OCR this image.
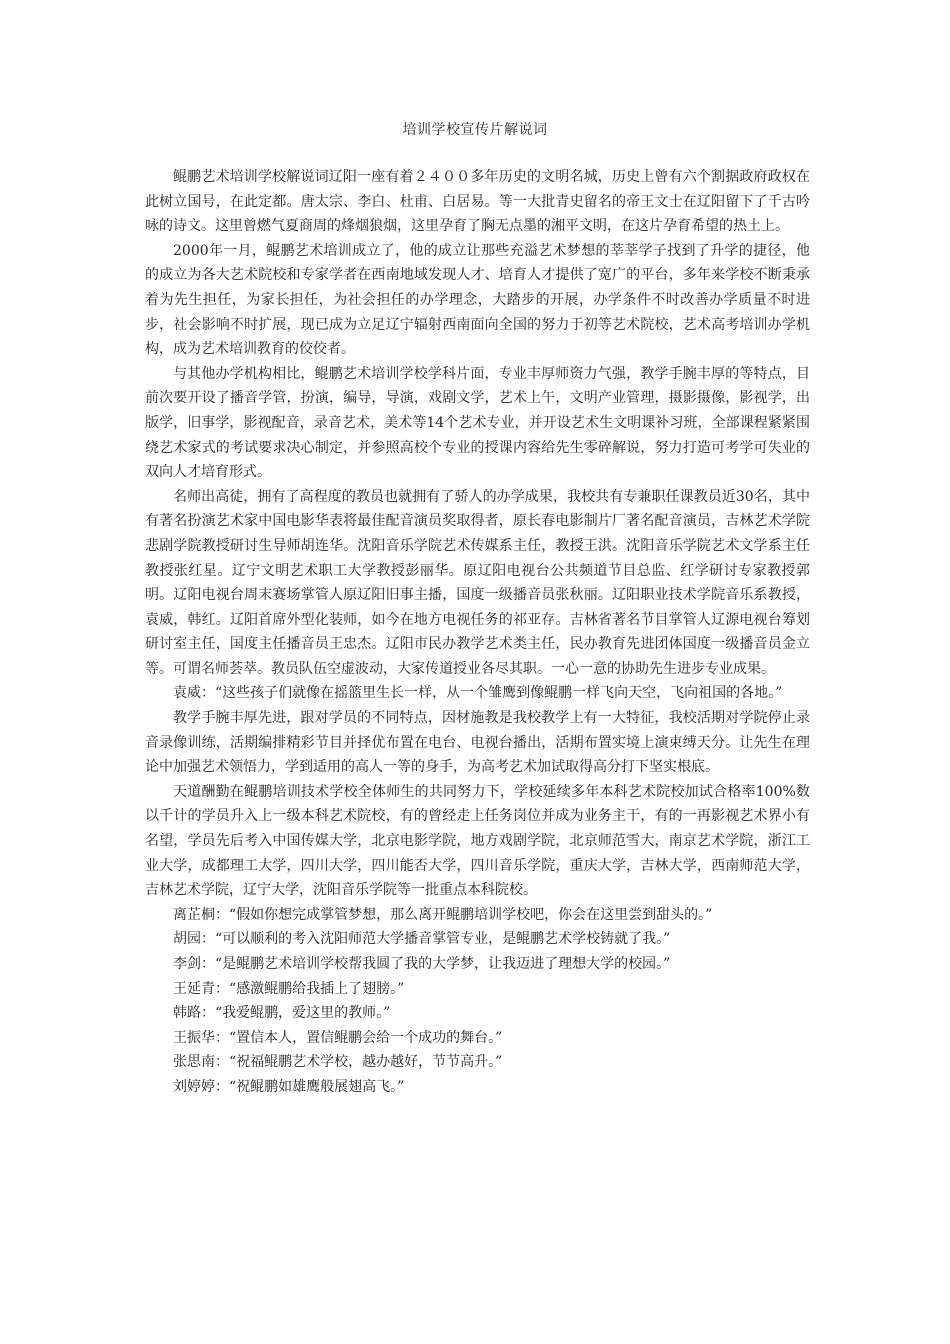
培训学校宣传片解说词

鲲鹏艺术培训学校解说词辽阳一座有着２４００多年历史的文明名城，历史上曾有六个割据政府政权在此树立国号，在此定都。唐太宗、李白、杜甫、白居易。等一大批青史留名的帝王文士在辽阳留下了千古吟咏的诗文。这里曾燃气夏商周的烽烟狼烟，这里孕育了胸无点墨的湘平文明，在这片孕育希望的热土上。

2000年一月，鲲鹏艺术培训成立了，他的成立让那些充溢艺术梦想的莘莘学子找到了升学的捷径，他的成立为各大艺术院校和专家学者在西南地域发现人才、培育人才提供了宽广的平台，多年来学校不断秉承着为先生担任，为家长担任，为社会担任的办学理念，大踏步的开展，办学条件不时改善办学质量不时进步，社会影响不时扩展，现已成为立足辽宁辐射西南面向全国的努力于初等艺术院校，艺术高考培训办学机构，成为艺术培训教育的佼佼者。

与其他办学机构相比，鲲鹏艺术培训学校学科片面，专业丰厚师资力气强，教学手腕丰厚的等特点，目前次要开设了播音学管，扮演，编导，导演，戏剧文学，艺术上午，文明产业管理，摄影摄像，影视学，出版学，旧事学，影视配音，录音艺术，美术等14个艺术专业，并开设艺术生文明课补习班，全部课程紧紧围绕艺术家式的考试要求决心制定，并参照高校个专业的授课内容给先生零碎解说，努力打造可考学可失业的双向人才培育形式。

名师出高徒，拥有了高程度的教员也就拥有了骄人的办学成果，我校共有专兼职任课教员近30名，其中有著名扮演艺术家中国电影华表将最佳配音演员奖取得者，原长春电影制片厂著名配音演员，吉林艺术学院悲剧学院教授研讨生导师胡连华。沈阳音乐学院艺术传媒系主任，教授王洪。沈阳音乐学院艺术文学系主任教授张红星。辽宁文明艺术职工大学教授彭丽华。原辽阳电视台公共频道节目总监、红学研讨专家教授郭明。辽阳电视台周末赛场掌管人原辽阳旧事主播，国度一级播音员张秋丽。辽阳职业技术学院音乐系教授，袁威，韩红。辽阳首席外型化装师，如今在地方电视任务的祁亚存。吉林省著名节目掌管人辽源电视台筹划研讨室主任，国度主任播音员王忠杰。辽阳市民办教学艺术类主任，民办教育先进团体国度一级播音员金立等。可谓名师荟萃。教员队伍空虚波动，大家传道授业各尽其职。一心一意的协助先生进步专业成果。

袁威：“这些孩子们就像在摇篮里生长一样，从一个雏鹰到像鲲鹏一样飞向天空，飞向祖国的各地。”

教学手腕丰厚先进，跟对学员的不同特点，因材施教是我校教学上有一大特征，我校活期对学院停止录音录像训练，活期编排精彩节目并择优布置在电台、电视台播出，活期布置实境上演束缚天分。让先生在理论中加强艺术领悟力，学到适用的高人一等的身手，为高考艺术加试取得高分打下坚实根底。

天道酬勤在鲲鹏培训技术学校全体师生的共同努力下，学校延续多年本科艺术院校加试合格率100%数以千计的学员升入上一级本科艺术院校，有的曾经走上任务岗位并成为业务主干，有的一再影视艺术界小有名望，学员先后考入中国传媒大学，北京电影学院，地方戏剧学院，北京师范雪大，南京艺术学院，浙江工业大学，成都理工大学，四川大学，四川能否大学，四川音乐学院，重庆大学，吉林大学，西南师范大学，吉林艺术学院，辽宁大学，沈阳音乐学院等一批重点本科院校。

离芷桐：“假如你想完成掌管梦想，那么离开鲲鹏培训学校吧，你会在这里尝到甜头的。”

胡园：“可以顺利的考入沈阳师范大学播音掌管专业，是鲲鹏艺术学校铸就了我。”

李剑：“是鲲鹏艺术培训学校帮我圆了我的大学梦，让我迈进了理想大学的校园。”

王延青：“感激鲲鹏给我插上了翅膀。”

韩路：“我爱鲲鹏，爱这里的教师。”

王振华：“置信本人，置信鲲鹏会给一个成功的舞台。”

张思南：“祝福鲲鹏艺术学校，越办越好，节节高升。”

刘婷婷：“祝鲲鹏如雄鹰般展翅高飞。”
